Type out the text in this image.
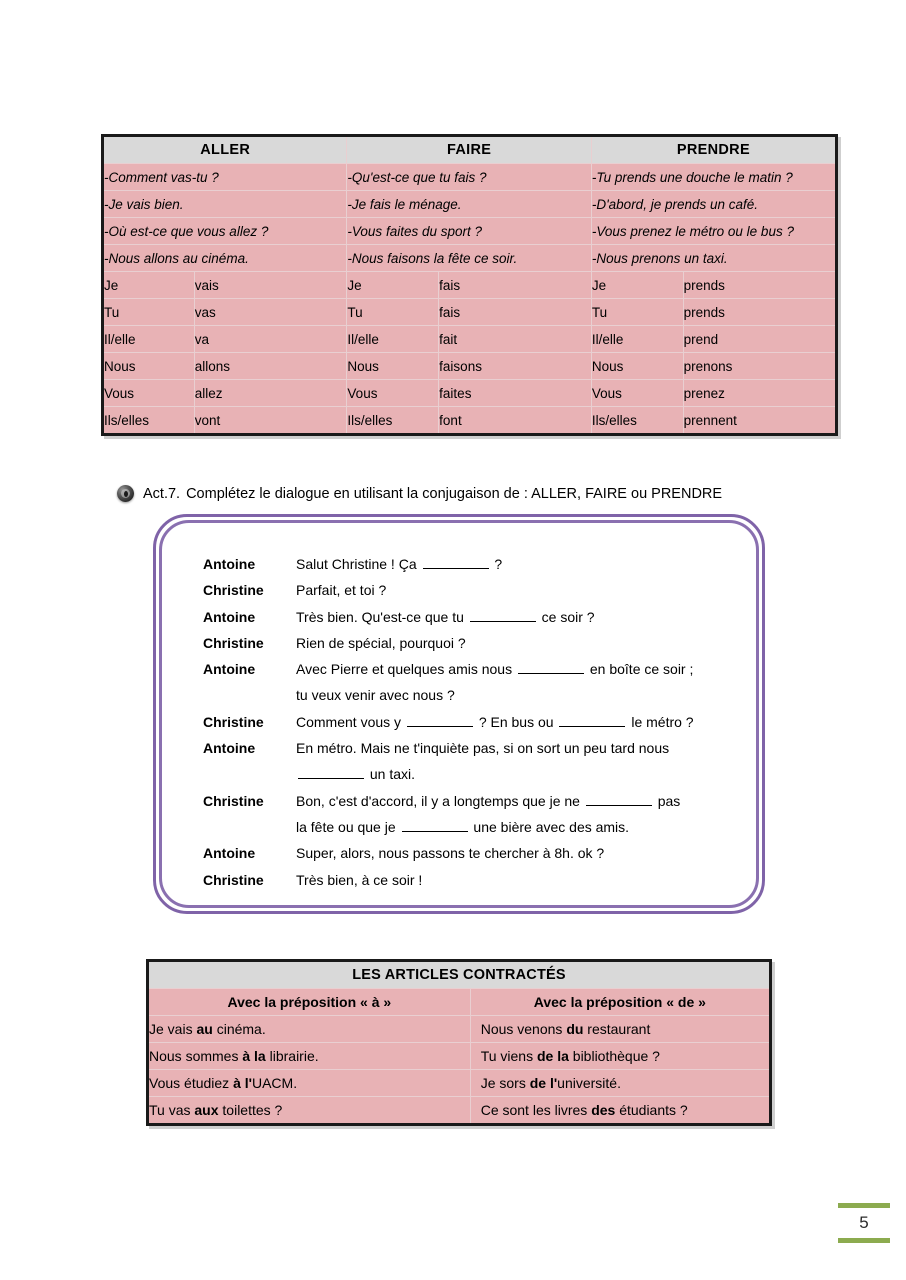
ALLER		FAIRE		PRENDRE	
-Comment vas-tu ?		-Qu'est-ce que tu fais ?		-Tu prends une douche le matin ?	
-Je vais bien.		-Je fais le ménage.		-D'abord, je prends un café.	
-Où est-ce que vous allez ?		-Vous faites du sport ?		-Vous prenez le métro ou le bus ?	
-Nous allons au cinéma.		-Nous faisons la fête ce soir.		-Nous prenons un taxi.	
Je	vais	Je	fais	Je	prends
Tu	vas	Tu	fais	Tu	prends
Il/elle	va	Il/elle	fait	Il/elle	prend
Nous	allons	Nous	faisons	Nous	prenons
Vous	allez	Vous	faites	Vous	prenez
Ils/elles	vont	Ils/elles	font	Ils/elles	prennent
Act.7. Complétez le dialogue en utilisant la conjugaison de : ALLER, FAIRE ou PRENDRE
Antoine	Salut Christine ! Ça	?
Christine	Parfait, et toi ?
Antoine	Très bien. Qu'est-ce que tu	ce soir ?
Christine	Rien de spécial, pourquoi ?
Antoine	Avec Pierre et quelques amis nous	en boîte ce soir ;
tu veux venir avec nous ?
Christine	Comment vous y	? En bus ou	le métro ?
Antoine	En métro. Mais ne t'inquiète pas, si on sort un peu tard nous
un taxi.
Christine	Bon, c'est d'accord, il y a longtemps que je ne	pas
la fête ou que je	une bière avec des amis.
Antoine	Super, alors, nous passons te chercher à 8h. ok ?
Christine	Très bien, à ce soir !
LES ARTICLES CONTRACTÉS	
Avec la préposition « à »	Avec la préposition « de »
Je vais au cinéma.	Nous venons du restaurant
Nous sommes à la librairie.	Tu viens de la bibliothèque ?
Vous étudiez à l'UACM.	Je sors de l'université.
Tu vas aux toilettes ?	Ce sont les livres des étudiants ?
5
